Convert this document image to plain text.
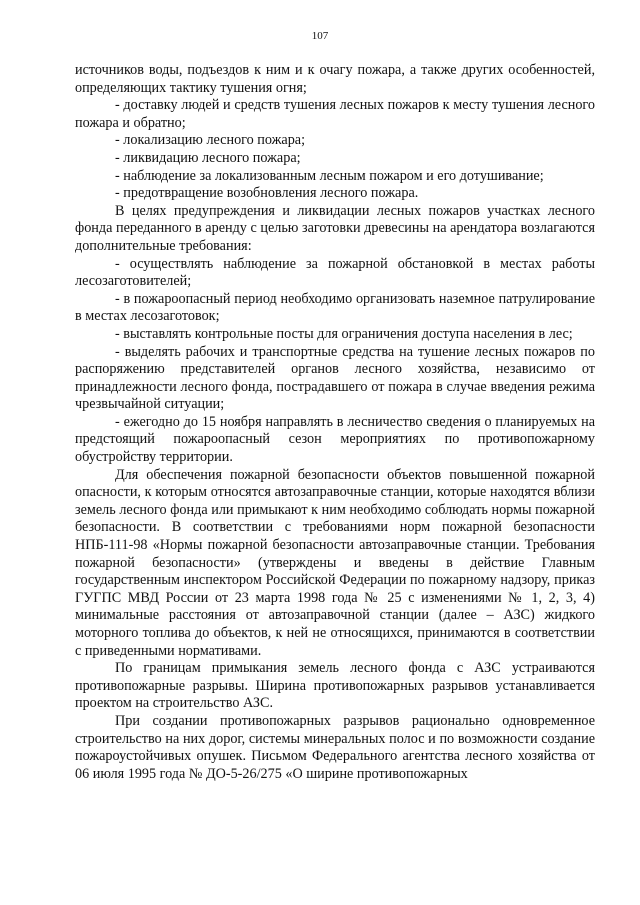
107

источников воды, подъездов к ним и к очагу пожара, а также других особенностей, определяющих тактику тушения огня;

- доставку людей и средств тушения лесных пожаров к месту тушения лесного пожара и обратно;

- локализацию лесного пожара;

- ликвидацию лесного пожара;

- наблюдение за локализованным лесным пожаром и его дотушивание;

- предотвращение возобновления лесного пожара.

В целях предупреждения и ликвидации лесных пожаров участках лесного фонда переданного в аренду с целью заготовки древесины на арендатора возлагаются дополнительные требования:

- осуществлять наблюдение за пожарной обстановкой в местах работы лесозаготовителей;

- в пожароопасный период необходимо организовать наземное патрулирование в местах лесозаготовок;

- выставлять контрольные посты для ограничения доступа населения в лес;

- выделять рабочих и транспортные средства на тушение лесных пожаров по распоряжению представителей органов лесного хозяйства, независимо от принадлежности лесного фонда, пострадавшего от пожара в случае введения режима чрезвычайной ситуации;

- ежегодно до 15 ноября направлять в лесничество сведения о планируемых на предстоящий пожароопасный сезон мероприятиях по противопожарному обустройству территории.

Для обеспечения пожарной безопасности объектов повышенной пожарной опасности, к которым относятся автозаправочные станции, которые находятся вблизи земель лесного фонда или примыкают к ним необходимо соблюдать нормы пожарной безопасности. В соответствии с требованиями норм пожарной безопасности НПБ-111-98 «Нормы пожарной безопасности автозаправочные станции. Требования пожарной безопасности» (утверждены и введены в действие Главным государственным инспектором Российской Федерации по пожарному надзору, приказ ГУГПС МВД России от 23 марта 1998 года № 25 с изменениями № 1, 2, 3, 4) минимальные расстояния от автозаправочной станции (далее – АЗС) жидкого моторного топлива до объектов, к ней не относящихся, принимаются в соответствии с приведенными нормативами.

По границам примыкания земель лесного фонда с АЗС устраиваются противопожарные разрывы. Ширина противопожарных разрывов устанавливается проектом на строительство АЗС.

При создании противопожарных разрывов рационально одновременное строительство на них дорог, системы минеральных полос и по возможности создание пожароустойчивых опушек. Письмом Федерального агентства лесного хозяйства от 06 июля 1995 года № ДО-5-26/275 «О ширине противопожарных
